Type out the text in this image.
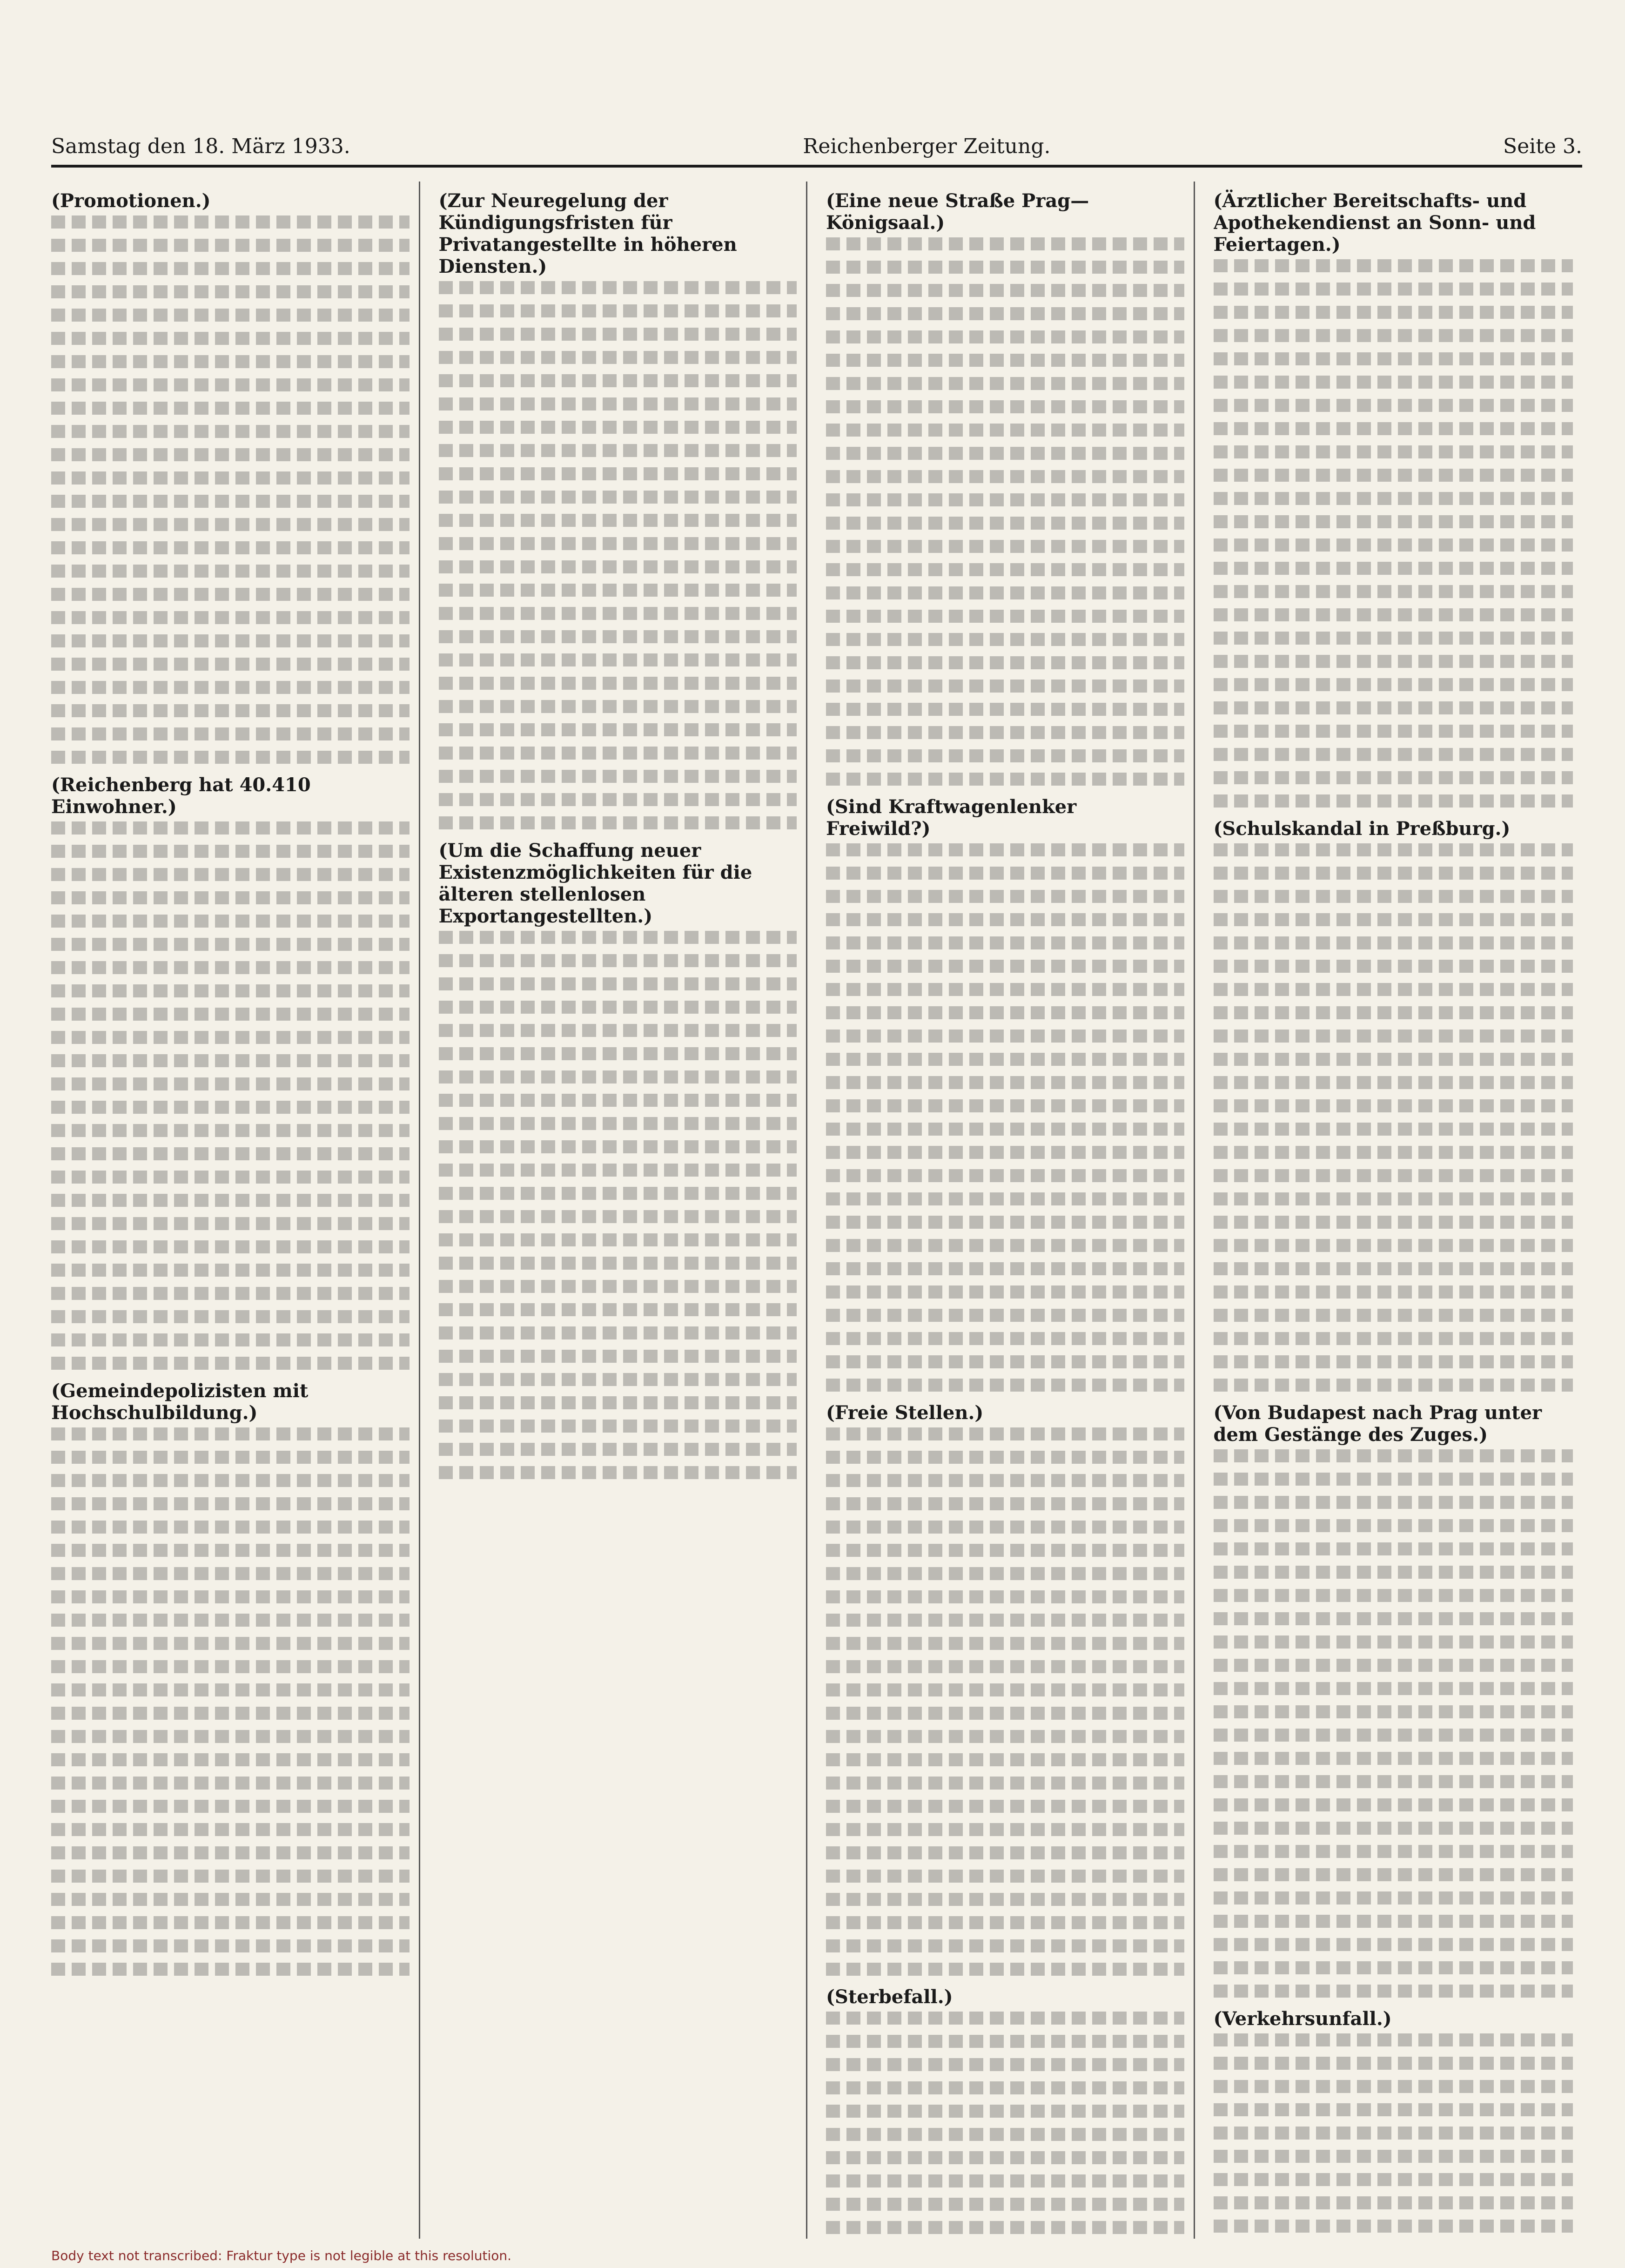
Samstag den 18. März 1933.	Reichenberger Zeitung.	Seite 3.
(Promotionen.)
(Reichenberg hat 40.410 Einwohner.)
(Gemeindepolizisten mit Hochschulbildung.)
(Zur Neuregelung der Kündigungsfristen für Privatangestellte in höheren Diensten.)
(Um die Schaffung neuer Existenzmöglichkeiten für die älteren stellenlosen Exportangestellten.)
(Eine neue Straße Prag—Königsaal.)
(Sind Kraftwagenlenker Freiwild?)
(Freie Stellen.)
(Sterbefall.)
(Ärztlicher Bereitschafts- und Apothekendienst an Sonn- und Feiertagen.)
(Schulskandal in Preßburg.)
(Von Budapest nach Prag unter dem Gestänge des Zuges.)
(Verkehrsunfall.)
Body text not transcribed: Fraktur type is not legible at this resolution.
